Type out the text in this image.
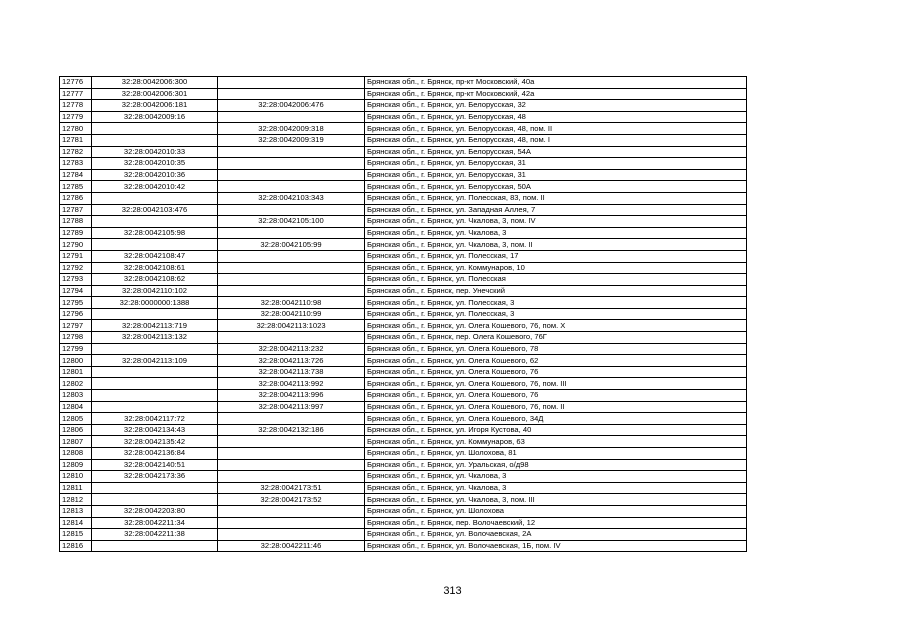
12776	32:28:0042006:300		Брянская обл., г. Брянск, пр-кт Московский, 40а
12777	32:28:0042006:301		Брянская обл., г. Брянск, пр-кт Московский, 42а
12778	32:28:0042006:181	32:28:0042006:476	Брянская обл., г. Брянск, ул. Белорусская, 32
12779	32:28:0042009:16		Брянская обл., г. Брянск, ул. Белорусская, 48
12780		32:28:0042009:318	Брянская обл., г. Брянск, ул. Белорусская, 48, пом. II
12781		32:28:0042009:319	Брянская обл., г. Брянск, ул. Белорусская, 48, пом. I
12782	32:28:0042010:33		Брянская обл., г. Брянск, ул. Белорусская, 54А
12783	32:28:0042010:35		Брянская обл., г. Брянск, ул. Белорусская, 31
12784	32:28:0042010:36		Брянская обл., г. Брянск, ул. Белорусская, 31
12785	32:28:0042010:42		Брянская обл., г. Брянск, ул. Белорусская, 50А
12786		32:28:0042103:343	Брянская обл., г. Брянск, ул. Полесская, 83, пом. II
12787	32:28:0042103:476		Брянская обл., г. Брянск, ул. Западная Аллея, 7
12788		32:28:0042105:100	Брянская обл., г. Брянск, ул. Чкалова, 3, пом. IV
12789	32:28:0042105:98		Брянская обл., г. Брянск, ул. Чкалова, 3
12790		32:28:0042105:99	Брянская обл., г. Брянск, ул. Чкалова, 3, пом. II
12791	32:28:0042108:47		Брянская обл., г. Брянск, ул. Полесская, 17
12792	32:28:0042108:61		Брянская обл., г. Брянск, ул. Коммунаров, 10
12793	32:28:0042108:62		Брянская обл., г. Брянск, ул. Полесская
12794	32:28:0042110:102		Брянская обл., г. Брянск, пер. Унечский
12795	32:28:0000000:1388	32:28:0042110:98	Брянская обл., г. Брянск, ул. Полесская, 3
12796		32:28:0042110:99	Брянская обл., г. Брянск, ул. Полесская, 3
12797	32:28:0042113:719	32:28:0042113:1023	Брянская обл., г. Брянск, ул. Олега Кошевого, 76, пом. X
12798	32:28:0042113:132		Брянская обл., г. Брянск, пер. Олега Кошевого, 76Г
12799		32:28:0042113:232	Брянская обл., г. Брянск, ул. Олега Кошевого, 78
12800	32:28:0042113:109	32:28:0042113:726	Брянская обл., г. Брянск, ул. Олега Кошевого, 62
12801		32:28:0042113:738	Брянская обл., г. Брянск, ул. Олега Кошевого, 76
12802		32:28:0042113:992	Брянская обл., г. Брянск, ул. Олега Кошевого, 76, пом. III
12803		32:28:0042113:996	Брянская обл., г. Брянск, ул. Олега Кошевого, 76
12804		32:28:0042113:997	Брянская обл., г. Брянск, ул. Олега Кошевого, 76, пом. II
12805	32:28:0042117:72		Брянская обл., г. Брянск, ул. Олега Кошевого, 34Д
12806	32:28:0042134:43	32:28:0042132:186	Брянская обл., г. Брянск, ул. Игоря Кустова, 40
12807	32:28:0042135:42		Брянская обл., г. Брянск, ул. Коммунаров, 63
12808	32:28:0042136:84		Брянская обл., г. Брянск, ул. Шолохова, 81
12809	32:28:0042140:51		Брянская обл., г. Брянск, ул. Уральская, о/д98
12810	32:28:0042173:36		Брянская обл., г. Брянск, ул. Чкалова, 3
12811		32:28:0042173:51	Брянская обл., г. Брянск, ул. Чкалова, 3
12812		32:28:0042173:52	Брянская обл., г. Брянск, ул. Чкалова, 3, пом. III
12813	32:28:0042203:80		Брянская обл., г. Брянск, ул. Шолохова
12814	32:28:0042211:34		Брянская обл., г. Брянск, пер. Волочаевский, 12
12815	32:28:0042211:38		Брянская обл., г. Брянск, ул. Волочаевская, 2А
12816		32:28:0042211:46	Брянская обл., г. Брянск, ул. Волочаевская, 1Б, пом. IV
313
